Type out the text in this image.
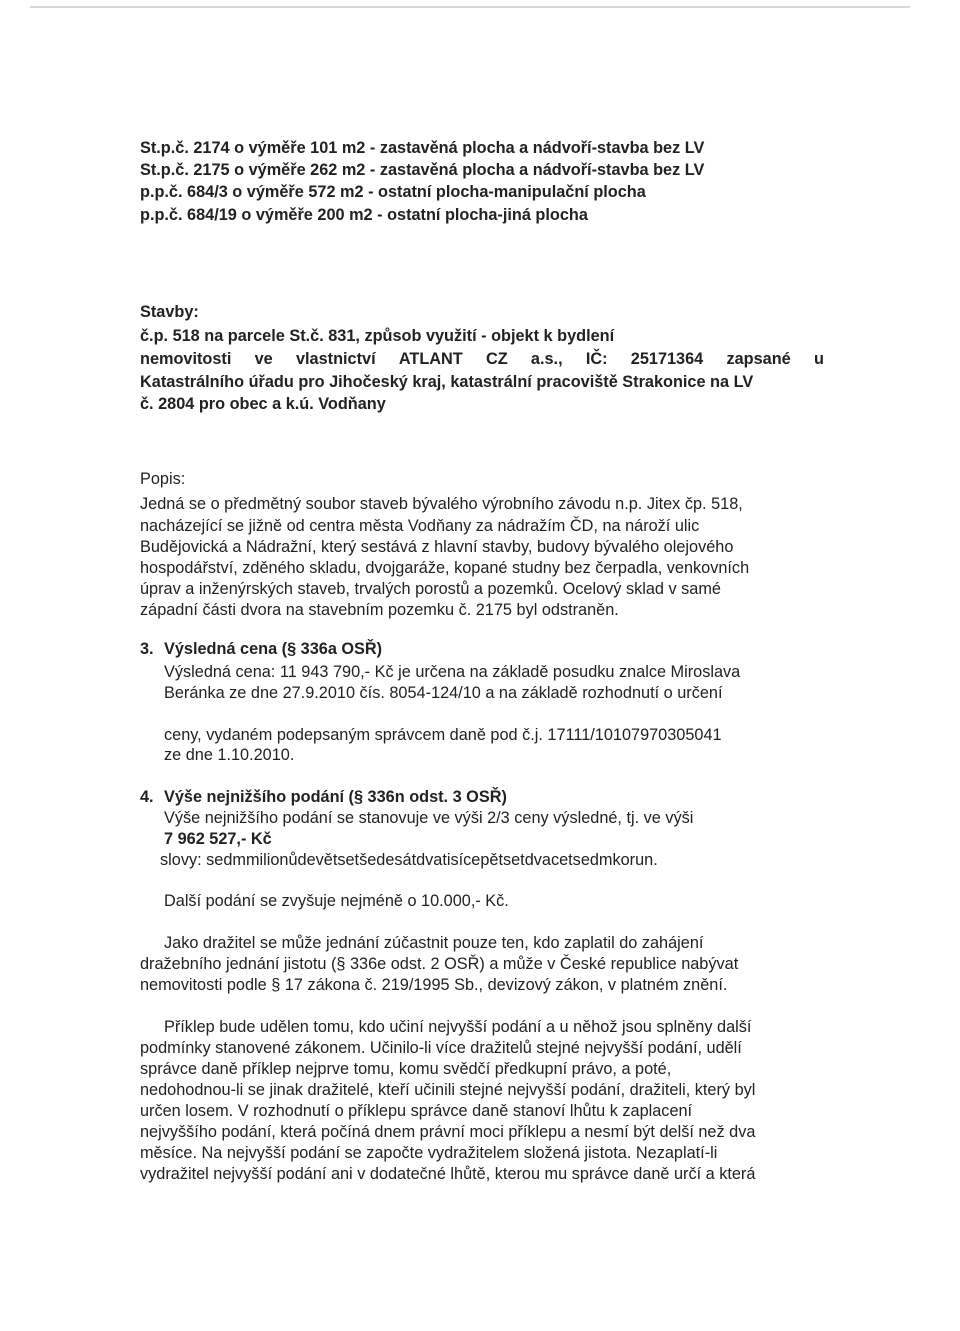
St.p.č. 2174 o výměře 101 m2 - zastavěná plocha a nádvoří-stavba bez LV
St.p.č. 2175 o výměře 262 m2 - zastavěná plocha a nádvoří-stavba bez LV
p.p.č. 684/3 o výměře 572 m2 - ostatní plocha-manipulační plocha
p.p.č. 684/19 o výměře 200 m2 - ostatní plocha-jiná plocha
Stavby:
č.p. 518 na parcele St.č. 831, způsob využití - objekt k bydlení
nemovitosti ve vlastnictví ATLANT CZ a.s., IČ: 25171364 zapsané u
Katastrálního úřadu pro Jihočeský kraj, katastrální pracoviště Strakonice na LV
č. 2804 pro obec a k.ú. Vodňany
Popis:
Jedná se o předmětný soubor staveb bývalého výrobního závodu n.p. Jitex čp. 518,
nacházející se jižně od centra města Vodňany za nádražím ČD, na nároží ulic
Budějovická a Nádražní, který sestává z hlavní stavby, budovy bývalého olejového
hospodářství, zděného skladu, dvojgaráže, kopané studny bez čerpadla, venkovních
úprav a inženýrských staveb, trvalých porostů a pozemků. Ocelový sklad v samé
západní části dvora na stavebním pozemku č. 2175 byl odstraněn.
3. Výsledná cena (§ 336a OSŘ)
Výsledná cena: 11 943 790,- Kč je určena na základě posudku znalce Miroslava
Beránka ze dne 27.9.2010 čís. 8054-124/10 a na základě rozhodnutí o určení
ceny, vydaném podepsaným správcem daně pod č.j. 17111/10107970305041
ze dne 1.10.2010.
4. Výše nejnižšího podání (§ 336n odst. 3 OSŘ)
Výše nejnižšího podání se stanovuje ve výši 2/3 ceny výsledné, tj. ve výši
7 962 527,- Kč
slovy: sedmmilionůdevětsetšedesátdvatisícepětsetdvacetsedmkorun.
Další podání se zvyšuje nejméně o 10.000,- Kč.
Jako dražitel se může jednání zúčastnit pouze ten, kdo zaplatil do zahájení
dražebního jednání jistotu (§ 336e odst. 2 OSŘ) a může v České republice nabývat
nemovitosti podle § 17 zákona č. 219/1995 Sb., devizový zákon, v platném znění.
Příklep bude udělen tomu, kdo učiní nejvyšší podání a u něhož jsou splněny další
podmínky stanovené zákonem. Učinilo-li více dražitelů stejné nejvyšší podání, udělí
správce daně příklep nejprve tomu, komu svědčí předkupní právo, a poté,
nedohodnou-li se jinak dražitelé, kteří učinili stejné nejvyšší podání, dražiteli, který byl
určen losem. V rozhodnutí o příklepu správce daně stanoví lhůtu k zaplacení
nejvyššího podání, která počíná dnem právní moci příklepu a nesmí být delší než dva
měsíce. Na nejvyšší podání se započte vydražitelem složená jistota. Nezaplatí-li
vydražitel nejvyšší podání ani v dodatečné lhůtě, kterou mu správce daně určí a která
